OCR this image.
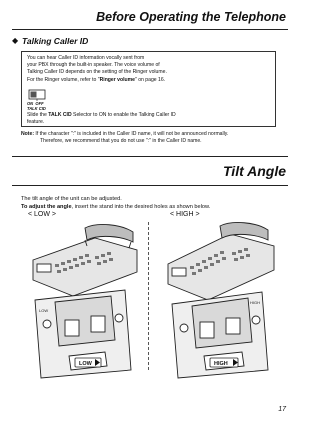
Before Operating the Telephone
◆ Talking Caller ID

You can hear Caller ID information vocally sent from

your PBX through the built-in speaker. The voice volume of

Talking Caller ID depends on the setting of the Ringer volume.

For the Ringer volume, refer to "Ringer volume" on page 16.

ON OFF
TALK CID
Slide the TALK CID Selector to ON to enable the Talking Caller ID
feature.
Note: If the character ":" is included in the Caller ID name, it will not be announced normally.
Therefore, we recommend that you do not use ":" in the Caller ID name.
Tilt Angle
The tilt angle of the unit can be adjusted.
To adjust the angle, insert the stand into the desired holes as shown below.
< LOW >	< HIGH >
LOW
LOW
HIGH
HIGH
17
